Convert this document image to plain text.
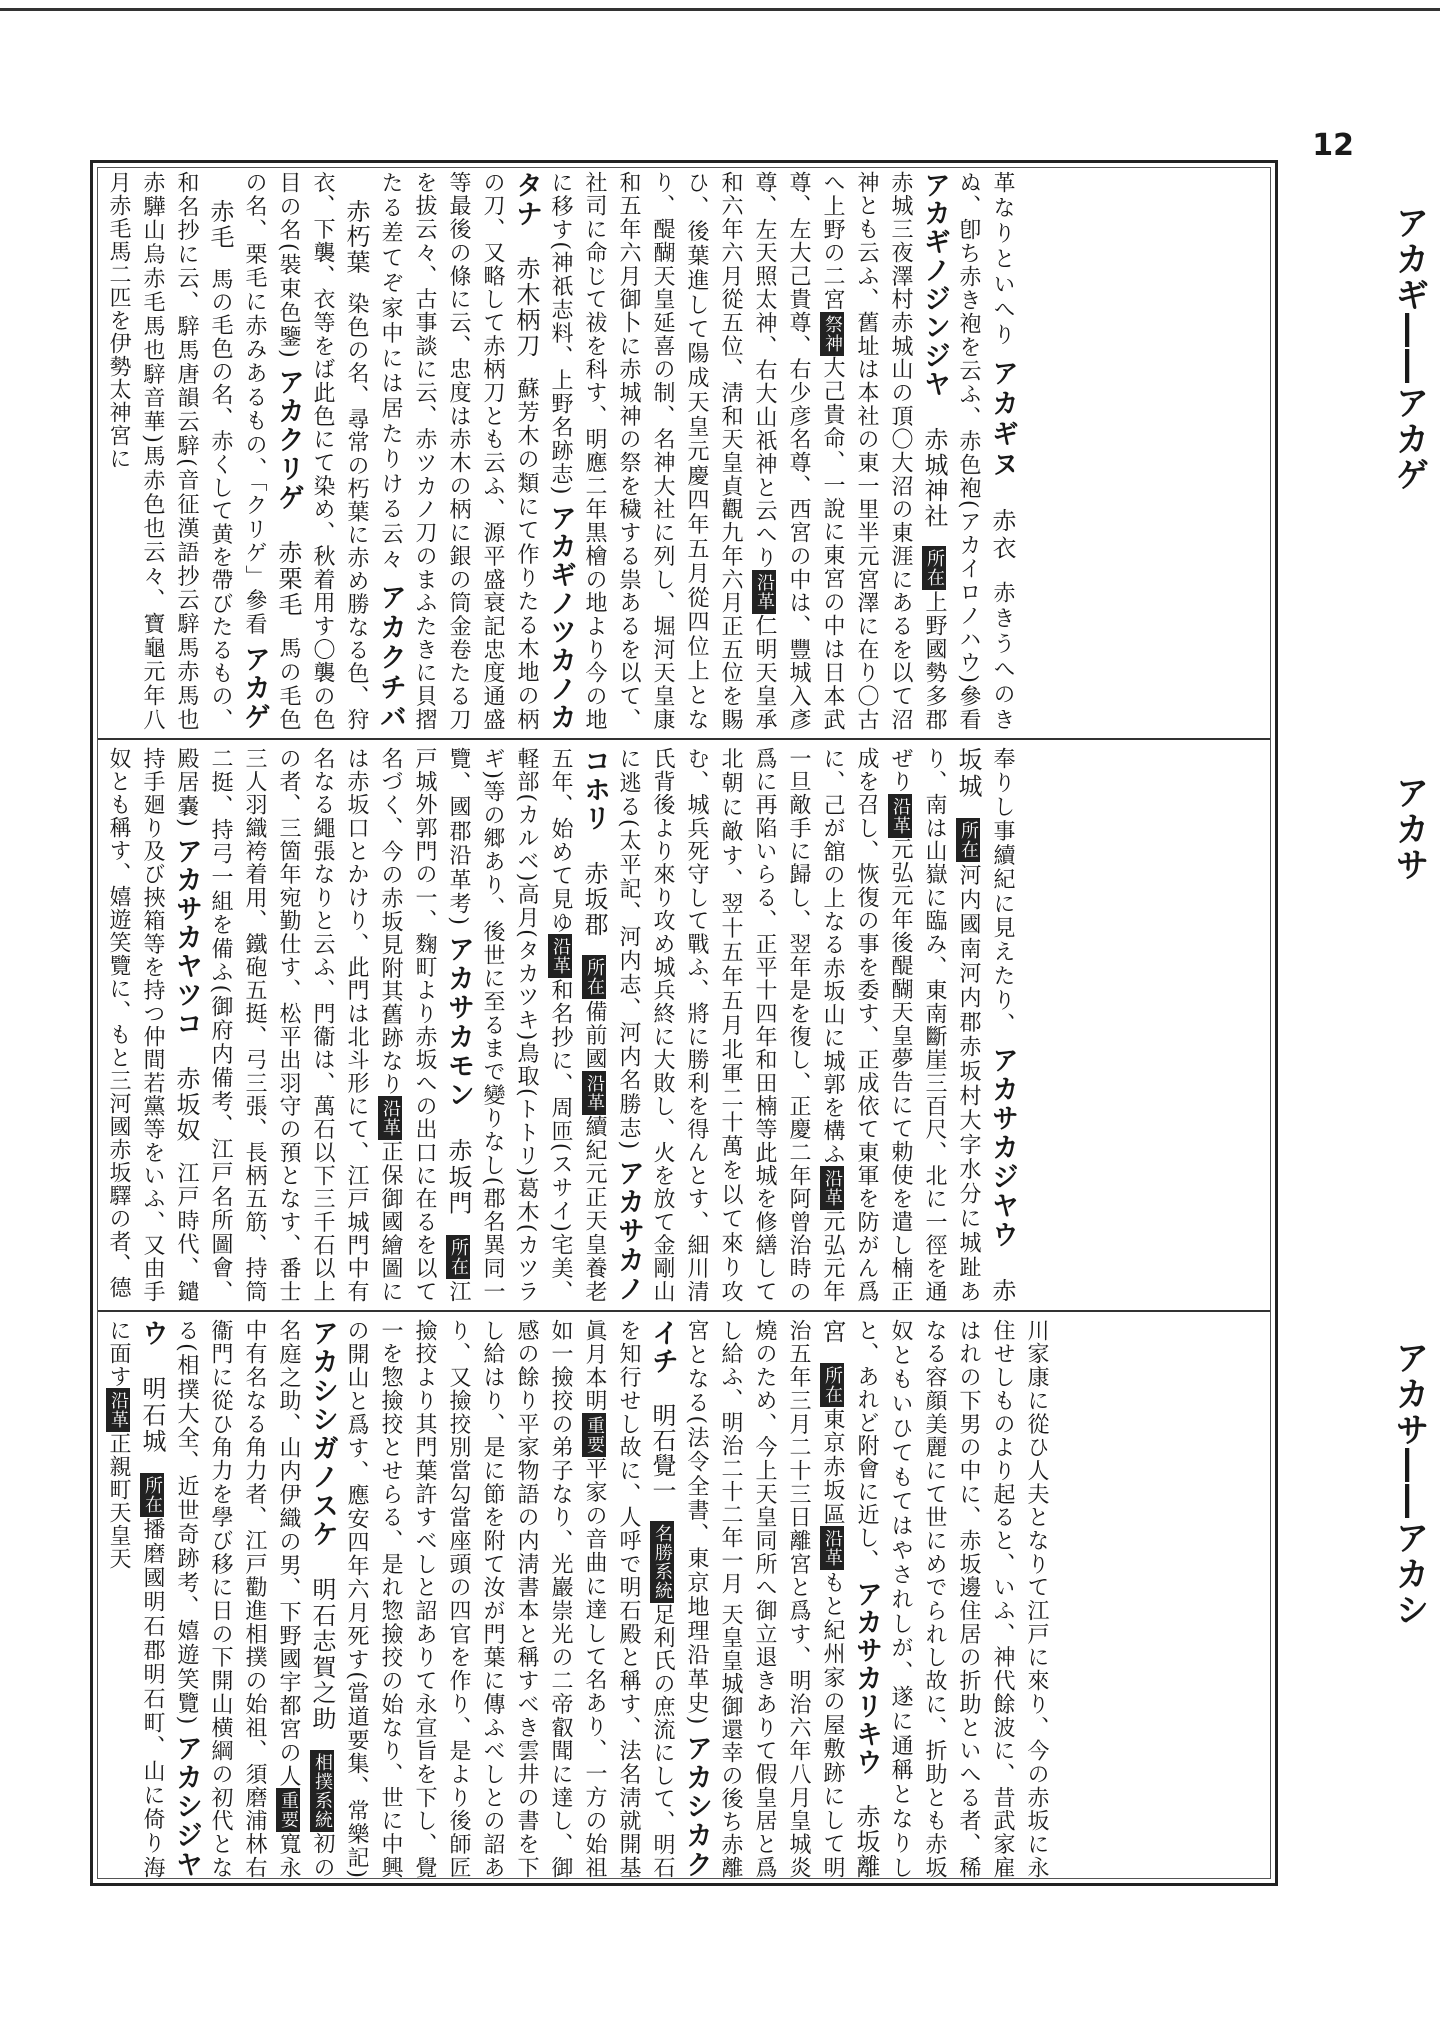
12
アカギ――アカゲ
アカサ
アカサ――アカシ
革なりといへり アカギヌ赤衣赤きうへのきぬ、卽ち赤き袍を云ふ、赤色袍(アカイロノハウ)參看 アカギノジンジヤ赤城神社所在上野國勢多郡赤城三夜澤村赤城山の頂〇大沼の東涯にあるを以て沼神とも云ふ、舊址は本社の東一里半元宮澤に在り〇古へ上野の二宮祭神大己貴命、一說に東宮の中は日本武尊、左大己貴尊、右少彦名尊、西宮の中は、豐城入彥尊、左天照太神、右大山祇神と云へり沿革仁明天皇承和六年六月從五位、淸和天皇貞觀九年六月正五位を賜ひ、後葉進して陽成天皇元慶四年五月從四位上となり、醍醐天皇延喜の制、名神大社に列し、堀河天皇康和五年六月御卜に赤城神の祭を穢する祟あるを以て、社司に命じて祓を科す、明應二年黒檜の地より今の地に移す(神祇志料、上野名跡志) アカギノツカノカタナ赤木柄刀蘇芳木の類にて作りたる木地の柄の刀、又略して赤柄刀とも云ふ、源平盛衰記忠度通盛等最後の條に云、忠度は赤木の柄に銀の筒金卷たる刀を拔云々、古事談に云、赤ツカノ刀のまふたきに貝摺たる差てぞ家中には居たりける云々 アカクチバ赤朽葉染色の名、尋常の朽葉に赤め勝なる色、狩衣、下襲、衣等をば此色にて染め、秋着用す〇襲の色目の名(裝束色鑒) アカクリゲ赤栗毛馬の毛色の名、栗毛に赤みあるもの、「クリゲ」參看 アカゲ赤毛馬の毛色の名、赤くして黄を帶びたるもの、和名抄に云、騂馬唐韻云騂(音征漢語抄云騂馬赤馬也赤驊山烏赤毛馬也騂音華)馬赤色也云々、寶龜元年八月赤毛馬二匹を伊勢太神宮に
奉りし事續紀に見えたり、 アカサカジヤウ赤坂城所在河内國南河内郡赤坂村大字水分に城趾あり、南は山嶽に臨み、東南斷崖三百尺、北に一徑を通ぜり沿革元弘元年後醍醐天皇夢告にて勅使を遣し楠正成を召し、恢復の事を委す、正成依て東軍を防がん爲に、己が舘の上なる赤坂山に城郭を構ふ沿革元弘元年一旦敵手に歸し、翌年是を復し、正慶二年阿曾治時の爲に再陷いらる、正平十四年和田楠等此城を修繕して北朝に敵す、翌十五年五月北軍二十萬を以て來り攻む、城兵死守して戰ふ、將に勝利を得んとす、細川清氏背後より來り攻め城兵終に大敗し、火を放て金剛山に逃る(太平記、河内志、河内名勝志) アカサカノコホリ赤坂郡所在備前國沿革續紀元正天皇養老五年、始めて見ゆ沿革和名抄に、周匝(スサイ)宅美、軽部(カルベ)高月(タカツキ)鳥取(トトリ)葛木(カツラギ)等の郷あり、後世に至るまで變りなし(郡名異同一覽、國郡沿革考) アカサカモン赤坂門所在江戸城外郭門の一、麴町より赤坂への出口に在るを以て名づく、今の赤坂見附其舊跡なり沿革正保御國繪圖には赤坂口とかけり、此門は北斗形にて、江戸城門中有名なる繩張なりと云ふ、門衞は、萬石以下三千石以上の者、三箇年宛勤仕す、松平出羽守の預となす、番士三人羽織袴着用、鐵砲五挺、弓三張、長柄五筋、持筒二挺、持弓一組を備ふ(御府内備考、江戸名所圖會、殿居嚢) アカサカヤツコ赤坂奴江戸時代、鑓持手廻り及び挾箱等を持つ仲間若黨等をいふ、又由手奴とも稱す、嬉遊笑覽に、もと三河國赤坂驛の者、德
川家康に從ひ人夫となりて江戸に來り、今の赤坂に永住せしものより起ると、いふ、神代餘波に、昔武家雇はれの下男の中に、赤坂邊住居の折助といへる者、稀なる容顔美麗にて世にめでられし故に、折助とも赤坂奴ともいひてもてはやされしが、遂に通稱となりしと、あれど附會に近し、 アカサカリキウ赤坂離宮所在東京赤坂區沿革もと紀州家の屋敷跡にして明治五年三月二十三日離宮と爲す、明治六年八月皇城炎燒のため、今上天皇同所へ御立退きありて假皇居と爲し給ふ、明治二十二年一月 天皇皇城御還幸の後ち赤離宮となる(法令全書、東京地理沿革史) アカシカクイチ明石覺一名勝系統足利氏の庶流にして、明石を知行せし故に、人呼で明石殿と稱す、法名淸就開基眞月本明重要平家の音曲に達して名あり、一方の始祖如一撿挍の弟子なり、光巖崇光の二帝叡聞に達し、御感の餘り平家物語の内淸書本と稱すべき雲井の書を下し給はり、是に節を附て汝が門葉に傳ふべしとの詔あり、又撿挍別當勾當座頭の四官を作り、是より後師匠撿挍より其門葉許すべしと詔ありて永宣旨を下し、覺一を惣撿挍とせらる、是れ惣撿挍の始なり、世に中興の開山と爲す、應安四年六月死す(當道要集、常樂記) アカシシガノスケ明石志賀之助相撲系統初の名庭之助、山内伊織の男、下野國宇都宮の人重要寬永中有名なる角力者、江戸勸進相撲の始祖、須磨浦林右衞門に從ひ角力を學び移に日の下開山横綱の初代となる(相撲大全、近世奇跡考、嬉遊笑覽) アカシジヤウ明石城所在播磨國明石郡明石町、山に倚り海に面す沿革正親町天皇天
